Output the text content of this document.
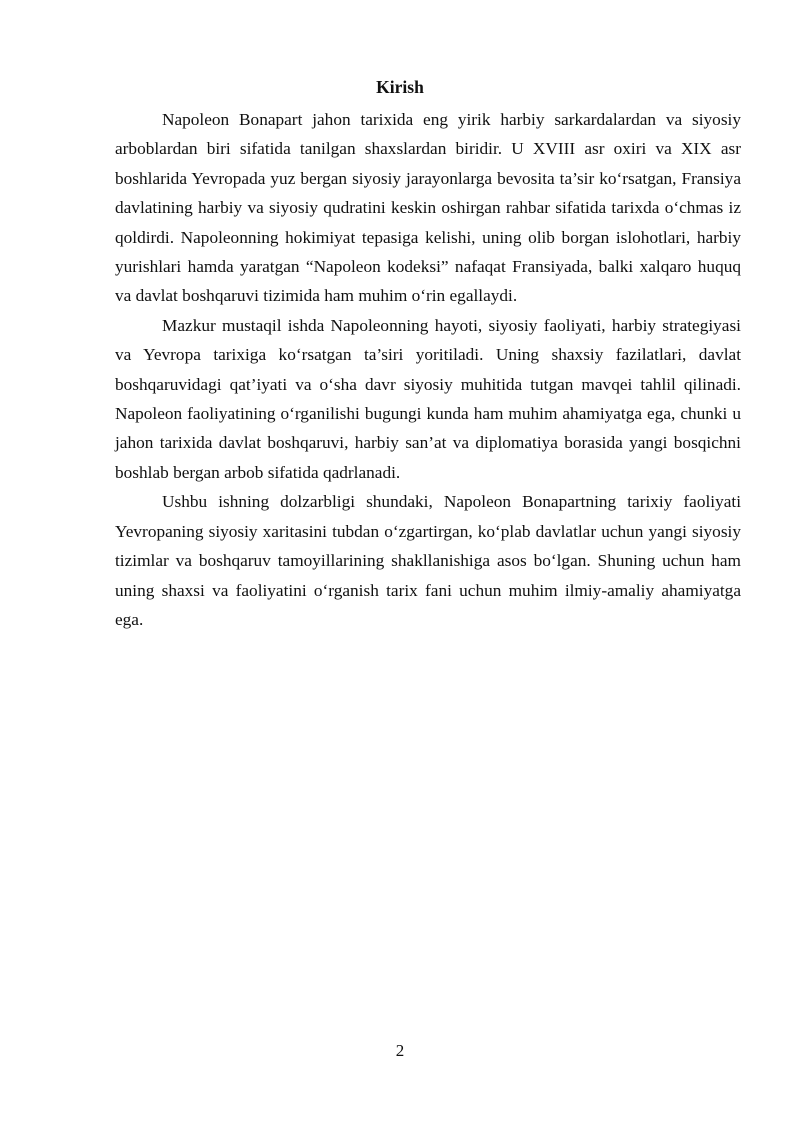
Kirish

Napoleon Bonapart jahon tarixida eng yirik harbiy sarkardalardan va siyosiy arboblardan biri sifatida tanilgan shaxslardan biridir. U XVIII asr oxiri va XIX asr boshlarida Yevropada yuz bergan siyosiy jarayonlarga bevosita ta’sir ko‘rsatgan, Fransiya davlatining harbiy va siyosiy qudratini keskin oshirgan rahbar sifatida tarixda o‘chmas iz qoldirdi. Napoleonning hokimiyat tepasiga kelishi, uning olib borgan islohotlari, harbiy yurishlari hamda yaratgan “Napoleon kodeksi” nafaqat Fransiyada, balki xalqaro huquq va davlat boshqaruvi tizimida ham muhim o‘rin egallaydi.

Mazkur mustaqil ishda Napoleonning hayoti, siyosiy faoliyati, harbiy strategiyasi va Yevropa tarixiga ko‘rsatgan ta’siri yoritiladi. Uning shaxsiy fazilatlari, davlat boshqaruvidagi qat’iyati va o‘sha davr siyosiy muhitida tutgan mavqei tahlil qilinadi. Napoleon faoliyatining o‘rganilishi bugungi kunda ham muhim ahamiyatga ega, chunki u jahon tarixida davlat boshqaruvi, harbiy san’at va diplomatiya borasida yangi bosqichni boshlab bergan arbob sifatida qadrlanadi.

Ushbu ishning dolzarbligi shundaki, Napoleon Bonapartning tarixiy faoliyati Yevropaning siyosiy xaritasini tubdan o‘zgartirgan, ko‘plab davlatlar uchun yangi siyosiy tizimlar va boshqaruv tamoyillarining shakllanishiga asos bo‘lgan. Shuning uchun ham uning shaxsi va faoliyatini o‘rganish tarix fani uchun muhim ilmiy-amaliy ahamiyatga ega.

2
